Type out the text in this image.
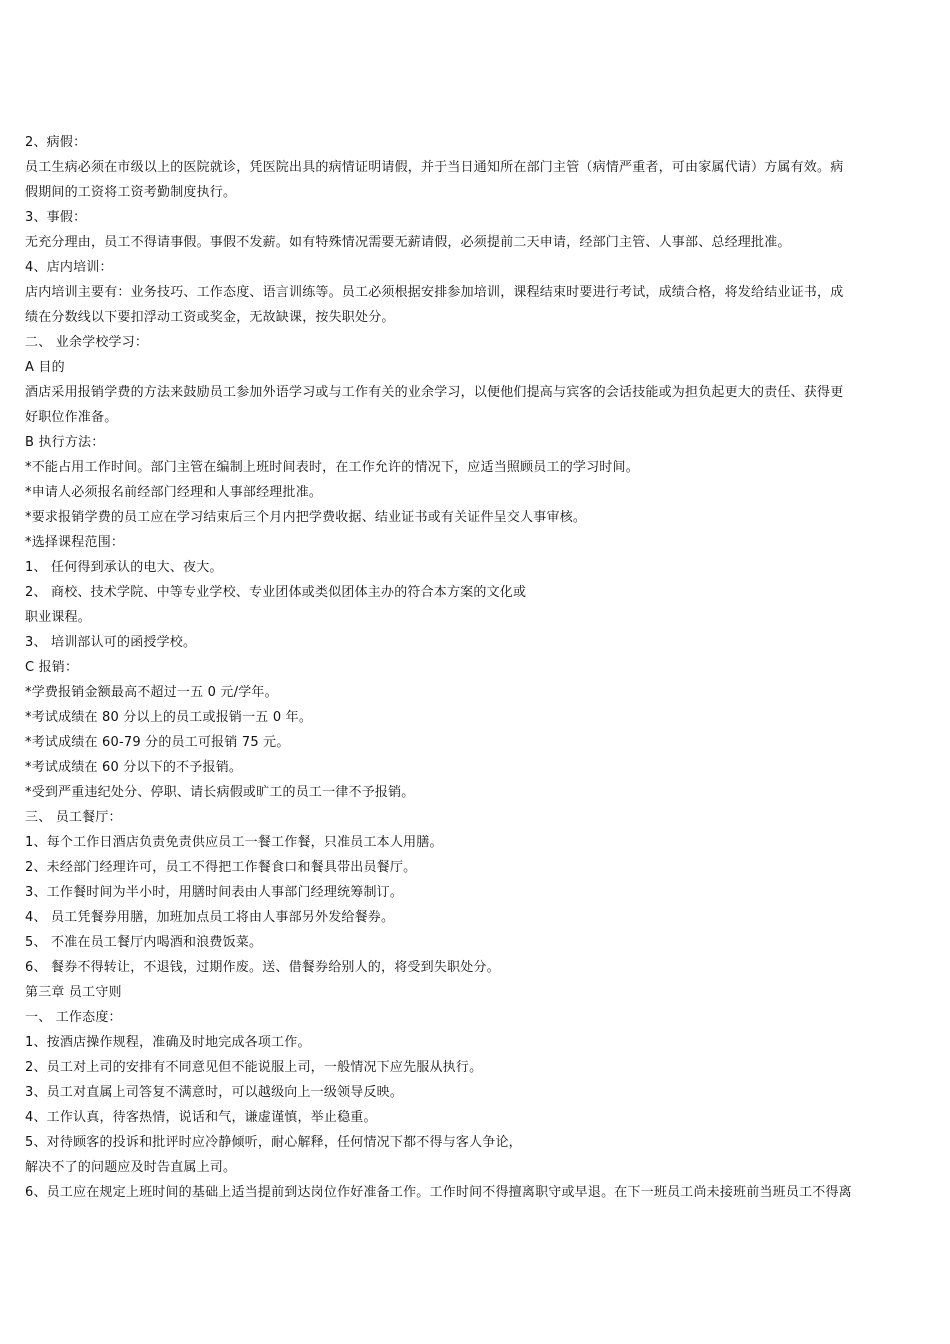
2、病假：
员工生病必须在市级以上的医院就诊，凭医院出具的病情证明请假，并于当日通知所在部门主管（病情严重者，可由家属代请）方属有效。病
假期间的工资将工资考勤制度执行。
3、事假：
无充分理由，员工不得请事假。事假不发薪。如有特殊情况需要无薪请假，必须提前二天申请，经部门主管、人事部、总经理批准。
4、店内培训：
店内培训主要有：业务技巧、工作态度、语言训练等。员工必须根据安排参加培训，课程结束时要进行考试，成绩合格，将发给结业证书，成
绩在分数线以下要扣浮动工资或奖金，无故缺课，按失职处分。
二、 业余学校学习：
A 目的
酒店采用报销学费的方法来鼓励员工参加外语学习或与工作有关的业余学习，以便他们提高与宾客的会话技能或为担负起更大的责任、获得更
好职位作准备。
B 执行方法：
*不能占用工作时间。部门主管在编制上班时间表时，在工作允许的情况下，应适当照顾员工的学习时间。
*申请人必须报名前经部门经理和人事部经理批准。
*要求报销学费的员工应在学习结束后三个月内把学费收据、结业证书或有关证件呈交人事审核。
*选择课程范围：
1、 任何得到承认的电大、夜大。
2、 商校、技术学院、中等专业学校、专业团体或类似团体主办的符合本方案的文化或
职业课程。
3、 培训部认可的函授学校。
C 报销：
*学费报销金额最高不超过一五 0 元/学年。
*考试成绩在 80 分以上的员工或报销一五 0 年。
*考试成绩在 60-79 分的员工可报销 75 元。
*考试成绩在 60 分以下的不予报销。
*受到严重违纪处分、停职、请长病假或旷工的员工一律不予报销。
三、 员工餐厅：
1、每个工作日酒店负责免责供应员工一餐工作餐，只准员工本人用膳。
2、未经部门经理许可，员工不得把工作餐食口和餐具带出员餐厅。
3、工作餐时间为半小时，用膳时间表由人事部门经理统筹制订。
4、 员工凭餐券用膳，加班加点员工将由人事部另外发给餐券。
5、 不准在员工餐厅内喝酒和浪费饭菜。
6、 餐券不得转让，不退钱，过期作废。送、借餐券给别人的，将受到失职处分。
第三章 员工守则
一、 工作态度：
1、按酒店操作规程，准确及时地完成各项工作。
2、员工对上司的安排有不同意见但不能说服上司，一般情况下应先服从执行。
3、员工对直属上司答复不满意时，可以越级向上一级领导反映。
4、工作认真，待客热情，说话和气，谦虚谨慎，举止稳重。
5、对待顾客的投诉和批评时应冷静倾听，耐心解释，任何情况下都不得与客人争论，
解决不了的问题应及时告直属上司。
6、员工应在规定上班时间的基础上适当提前到达岗位作好准备工作。工作时间不得擅离职守或早退。在下一班员工尚未接班前当班员工不得离
